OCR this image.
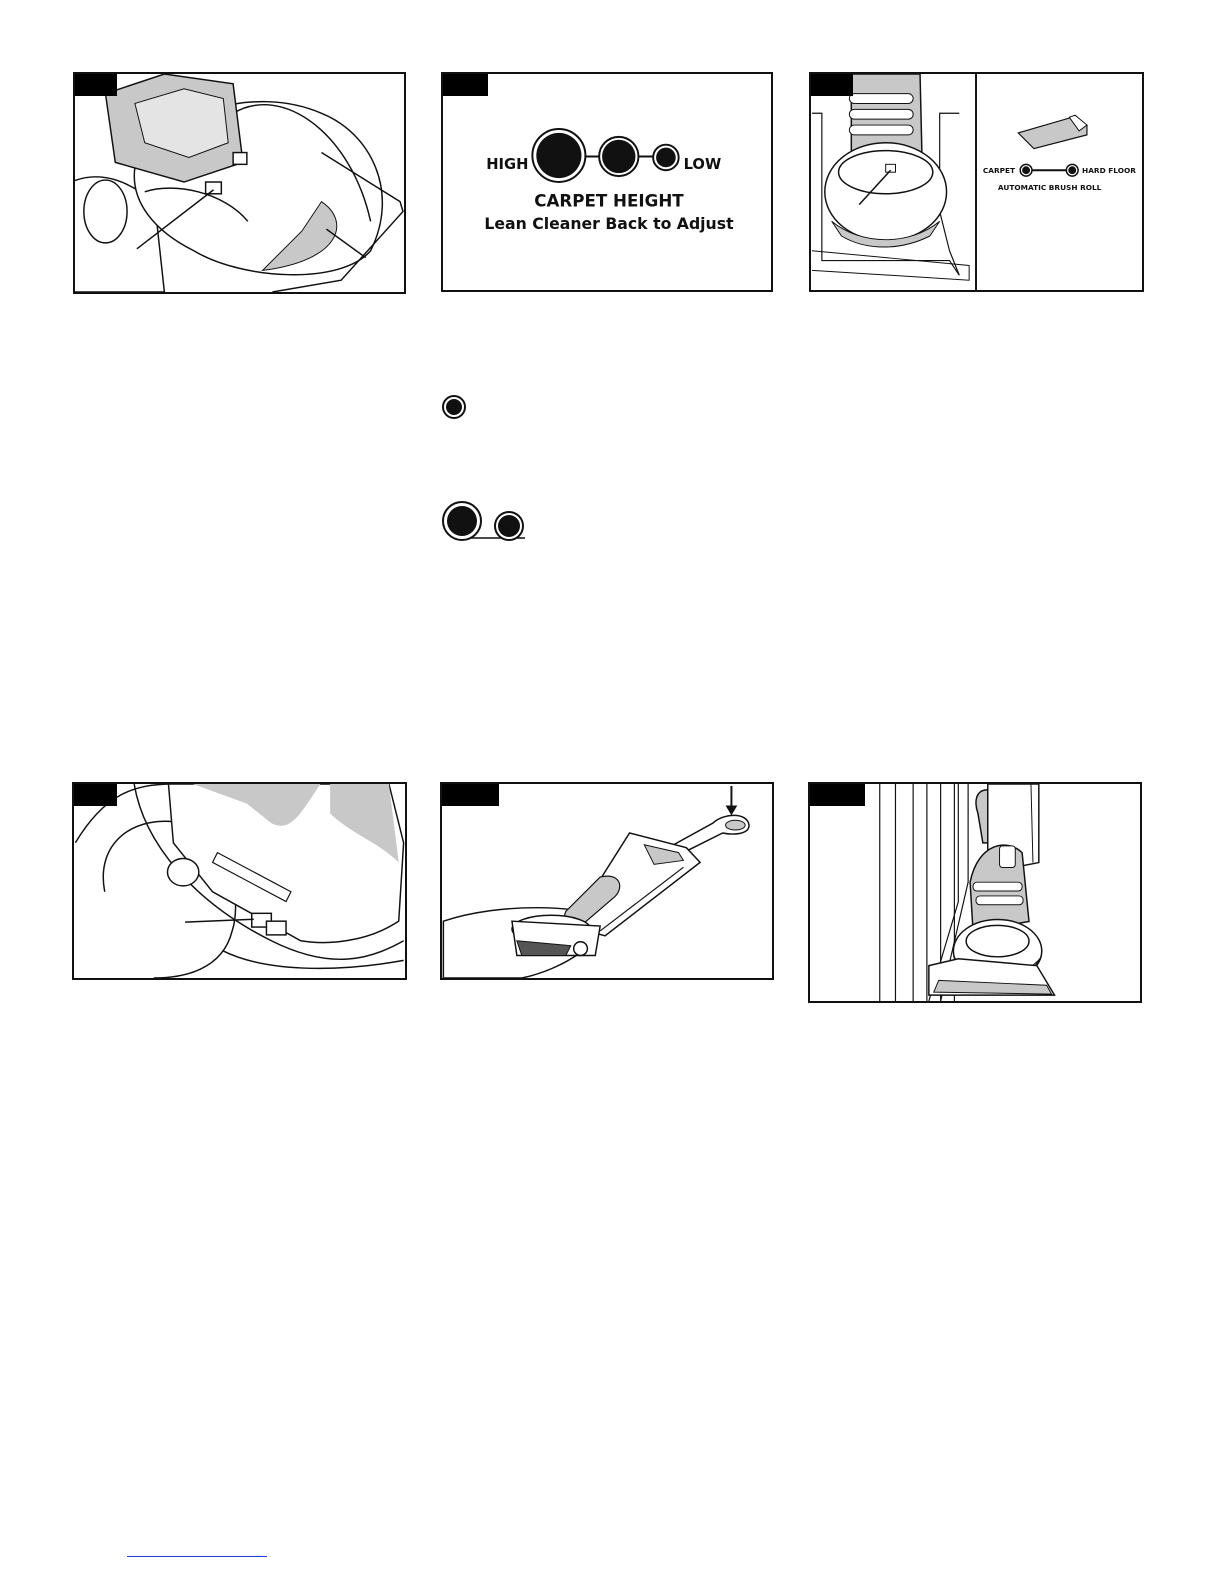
HIGH	LOW
CARPET HEIGHT
Lean Cleaner Back to Adjust
CARPET	HARD FLOOR
AUTOMATIC BRUSH ROLL
